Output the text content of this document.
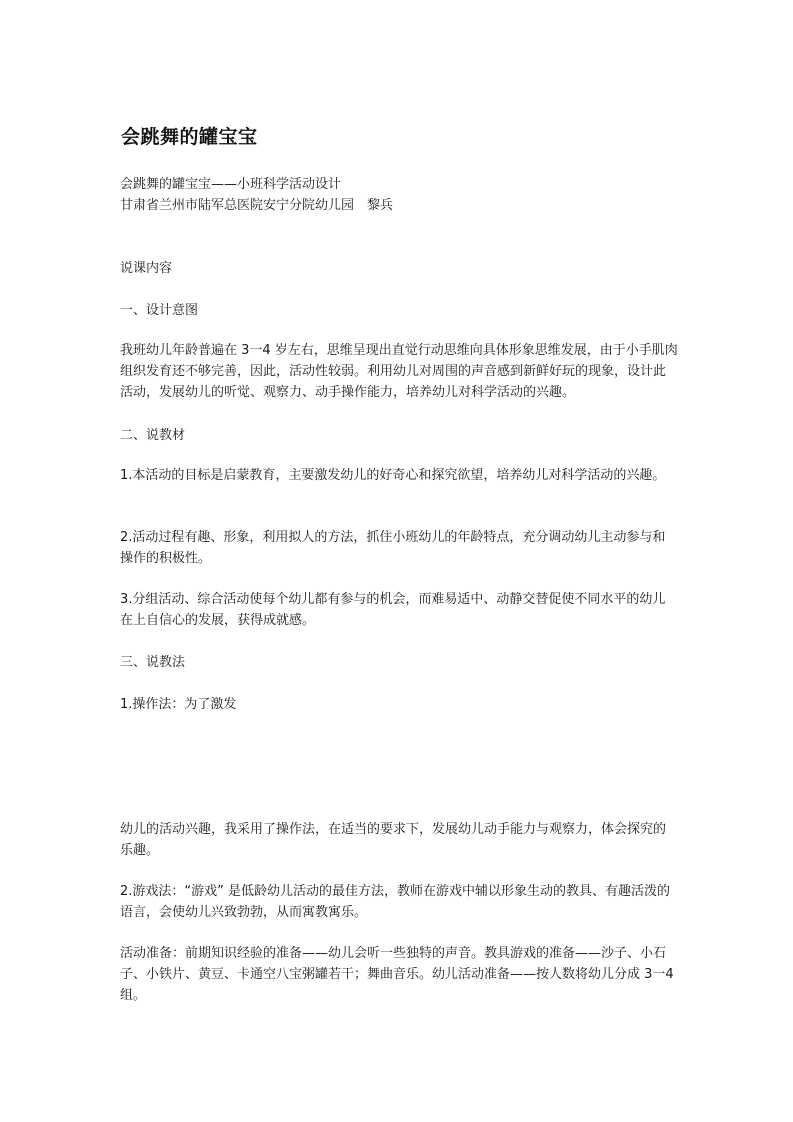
会跳舞的罐宝宝
会跳舞的罐宝宝——小班科学活动设计
甘肃省兰州市陆军总医院安宁分院幼儿园　黎兵
说课内容
一、设计意图
我班幼儿年龄普遍在 3一4 岁左右，思维呈现出直觉行动思维向具体形象思维发展，由于小手肌肉组织发育还不够完善，因此，活动性较弱。利用幼儿对周围的声音感到新鲜好玩的现象，设计此活动，发展幼儿的听觉、观察力、动手操作能力，培养幼儿对科学活动的兴趣。
二、说教材
1.本活动的目标是启蒙教育，主要激发幼儿的好奇心和探究欲望，培养幼儿对科学活动的兴趣。
2.活动过程有趣、形象，利用拟人的方法，抓住小班幼儿的年龄特点，充分调动幼儿主动参与和操作的积极性。
3.分组活动、综合活动使每个幼儿都有参与的机会，而难易适中、动静交替促使不同水平的幼儿在上自信心的发展，获得成就感。
三、说教法
1.操作法：为了激发
幼儿的活动兴趣，我采用了操作法，在适当的要求下，发展幼儿动手能力与观察力，体会探究的乐趣。
2.游戏法：“游戏” 是低龄幼儿活动的最佳方法，教师在游戏中辅以形象生动的教具、有趣活泼的语言，会使幼儿兴致勃勃，从而寓教寓乐。
活动准备：前期知识经验的准备——幼儿会听一些独特的声音。教具游戏的准备——沙子、小石子、小铁片、黄豆、卡通空八宝粥罐若干；舞曲音乐。幼儿活动准备——按人数将幼儿分成 3一4 组。
